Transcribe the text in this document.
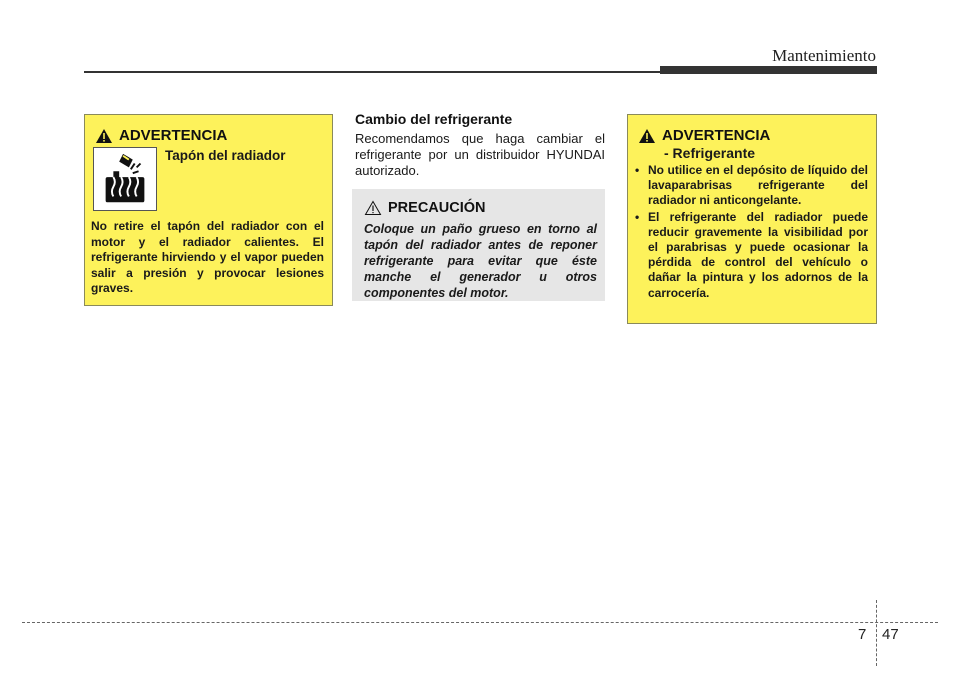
Mantenimiento
ADVERTENCIA
Tapón del radiador
No retire el tapón del radiador con el motor y el radiador calientes. El refrigerante hirviendo y el vapor pueden salir a presión y provocar lesiones graves.
Cambio del refrigerante
Recomendamos que haga cambiar el refrigerante por un distribuidor HYUNDAI autorizado.
PRECAUCIÓN
Coloque un paño grueso en torno al tapón del radiador antes de reponer refrigerante para evitar que éste manche el generador u otros componentes del motor.
ADVERTENCIA
- Refrigerante
• No utilice en el depósito de líquido del lavaparabrisas refrigerante del radiador ni anticongelante.
• El refrigerante del radiador puede reducir gravemente la visibilidad por el parabrisas y puede ocasionar la pérdida de control del vehículo o dañar la pintura y los adornos de la carrocería.
7 47
